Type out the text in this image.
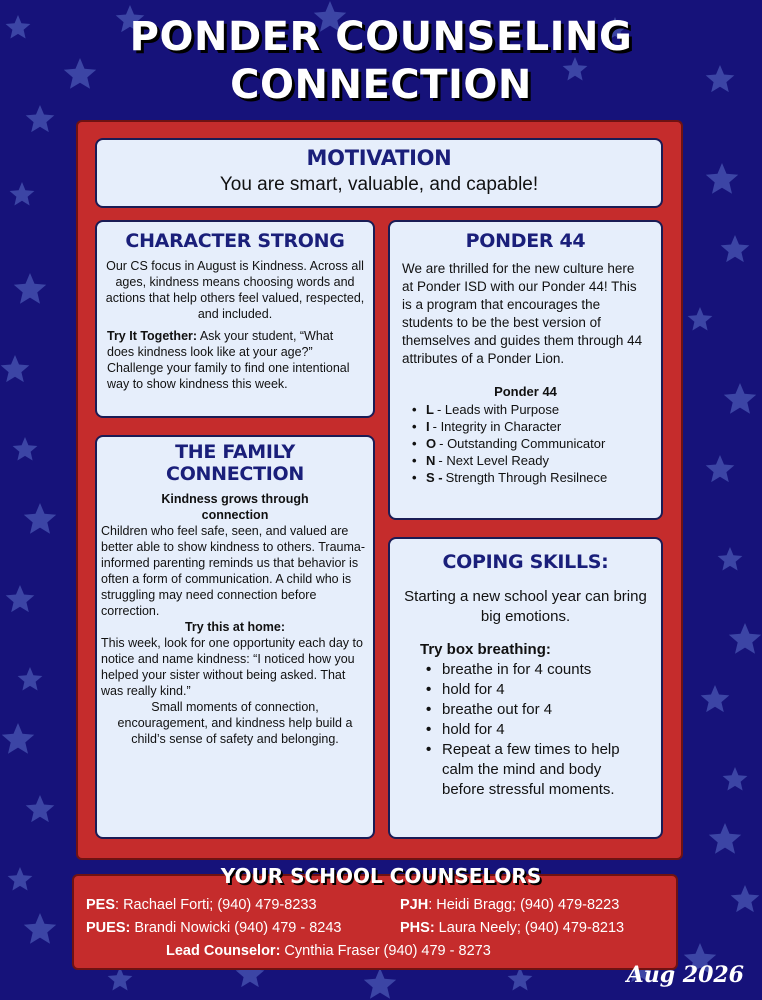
PONDER COUNSELING
CONNECTION
MOTIVATION
You are smart, valuable, and capable!
CHARACTER STRONG
Our CS focus in August is Kindness. Across all ages, kindness means choosing words and actions that help others feel valued, respected, and included.
Try It Together: Ask your student, “What does kindness look like at your age?” Challenge your family to find one intentional way to show kindness this week.
PONDER 44
We are thrilled for the new culture here at Ponder ISD with our Ponder 44! This is a program that encourages the students to be the best version of themselves and guides them through 44 attributes of a Ponder Lion.
Ponder 44
• L - Leads with Purpose
• I - Integrity in Character
• O - Outstanding Communicator
• N - Next Level Ready
• S - Strength Through Resilnece
THE FAMILY
CONNECTION
Kindness grows through connection
Children who feel safe, seen, and valued are better able to show kindness to others. Trauma-informed parenting reminds us that behavior is often a form of communication. A child who is struggling may need connection before correction.
Try this at home:
This week, look for one opportunity each day to notice and name kindness: “I noticed how you helped your sister without being asked. That was really kind.”
Small moments of connection, encouragement, and kindness help build a child’s sense of safety and belonging.
COPING SKILLS:
Starting a new school year can bring big emotions.
Try box breathing:
• breathe in for 4 counts
• hold for 4
• breathe out for 4
• hold for 4
• Repeat a few times to help calm the mind and body before stressful moments.
YOUR SCHOOL COUNSELORS
PES: Rachael Forti; (940) 479-8233	PJH: Heidi Bragg; (940) 479-8223
PUES: Brandi Nowicki (940) 479 - 8243	PHS: Laura Neely; (940) 479-8213
Lead Counselor: Cynthia Fraser (940) 479 - 8273
Aug 2026
